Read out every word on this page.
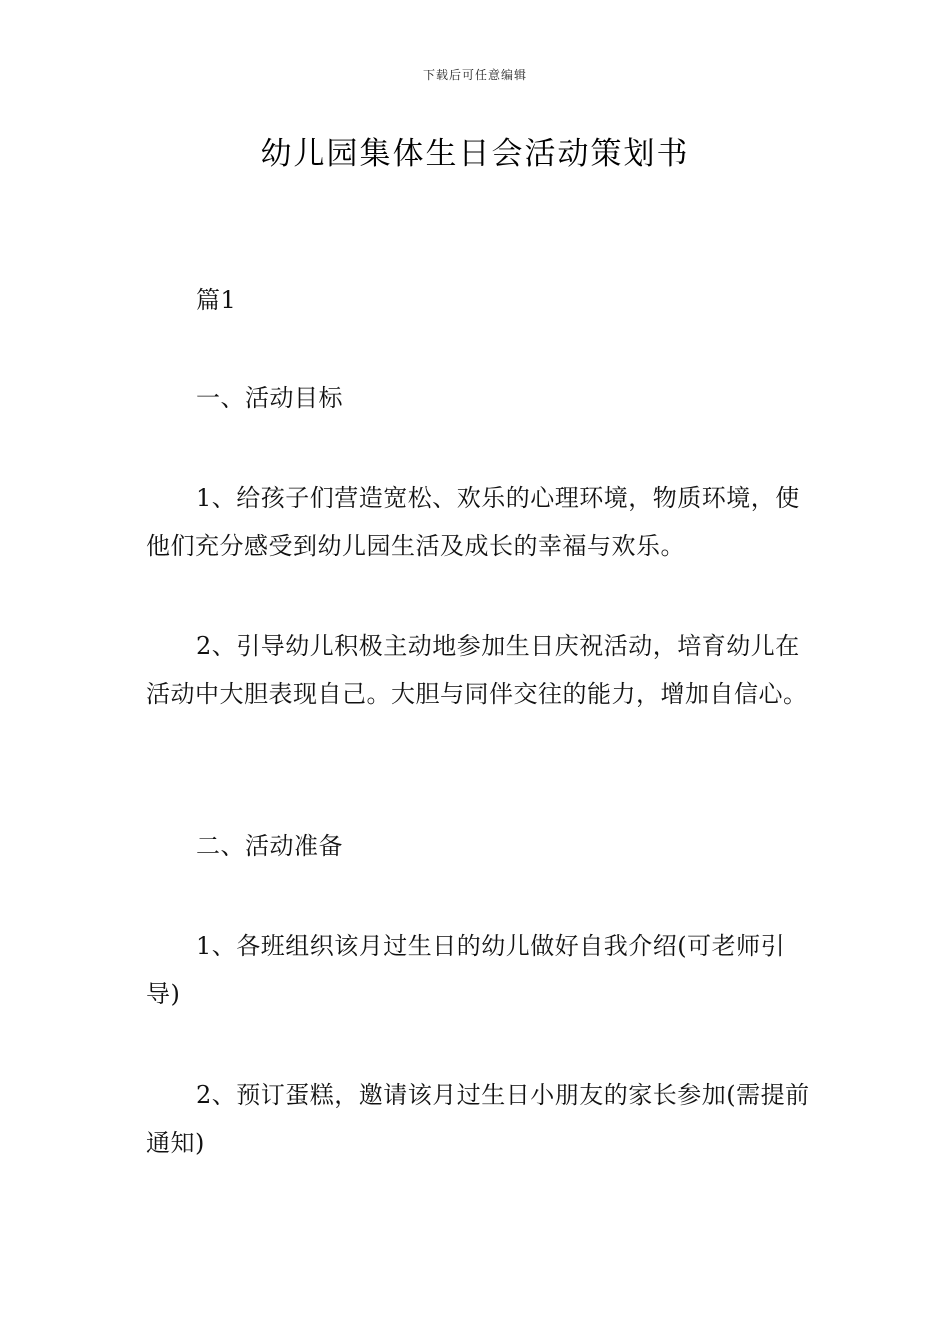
下载后可任意编辑
幼儿园集体生日会活动策划书

篇1

一、活动目标

1、给孩子们营造宽松、欢乐的心理环境，物质环境，使他们充分感受到幼儿园生活及成长的幸福与欢乐。

2、引导幼儿积极主动地参加生日庆祝活动，培育幼儿在活动中大胆表现自己。大胆与同伴交往的能力，增加自信心。

二、活动准备

1、各班组织该月过生日的幼儿做好自我介绍(可老师引导)

2、预订蛋糕，邀请该月过生日小朋友的家长参加(需提前通知)
